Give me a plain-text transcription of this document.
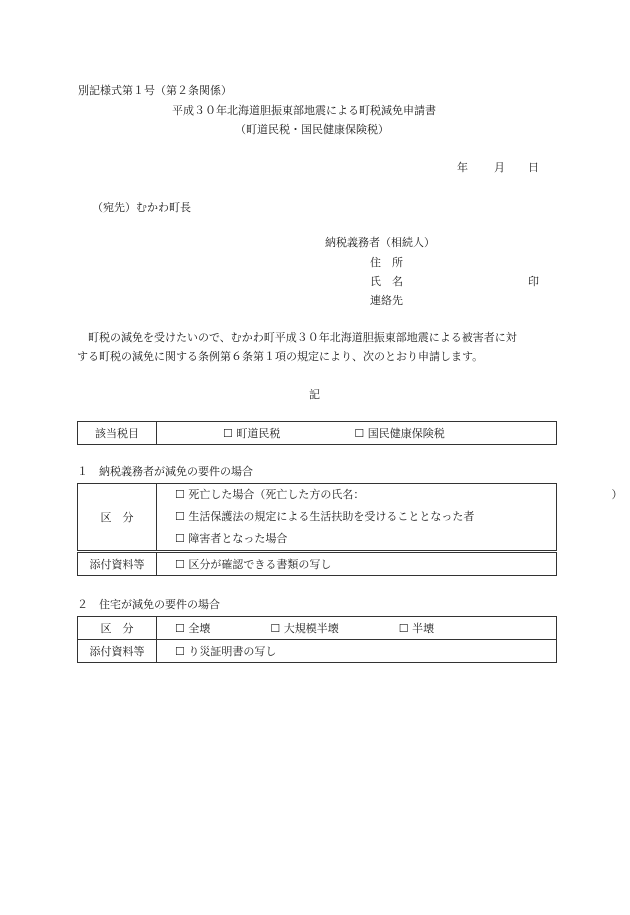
別記様式第１号（第２条関係）
平成３０年北海道胆振東部地震による町税減免申請書
（町道民税・国民健康保険税）
年 月 日
（宛先）むかわ町長
納税義務者（相続人）
住　所
氏　名	印
連絡先
町税の減免を受けたいので、むかわ町平成３０年北海道胆振東部地震による被害者に対
する町税の減免に関する条例第６条第１項の規定により、次のとおり申請します。
記
該当税目	☐ 町道民税	☐ 国民健康保険税
１　納税義務者が減免の要件の場合
区　分	☐ 死亡した場合（死亡した方の氏名： ）
☐ 生活保護法の規定による生活扶助を受けることとなった者
☐ 障害者となった場合

添付資料等	☐ 区分が確認できる書類の写し
２　住宅が減免の要件の場合
区　分	☐ 全壊 ☐ 大規模半壊 ☐ 半壊
添付資料等	☐ り災証明書の写し
